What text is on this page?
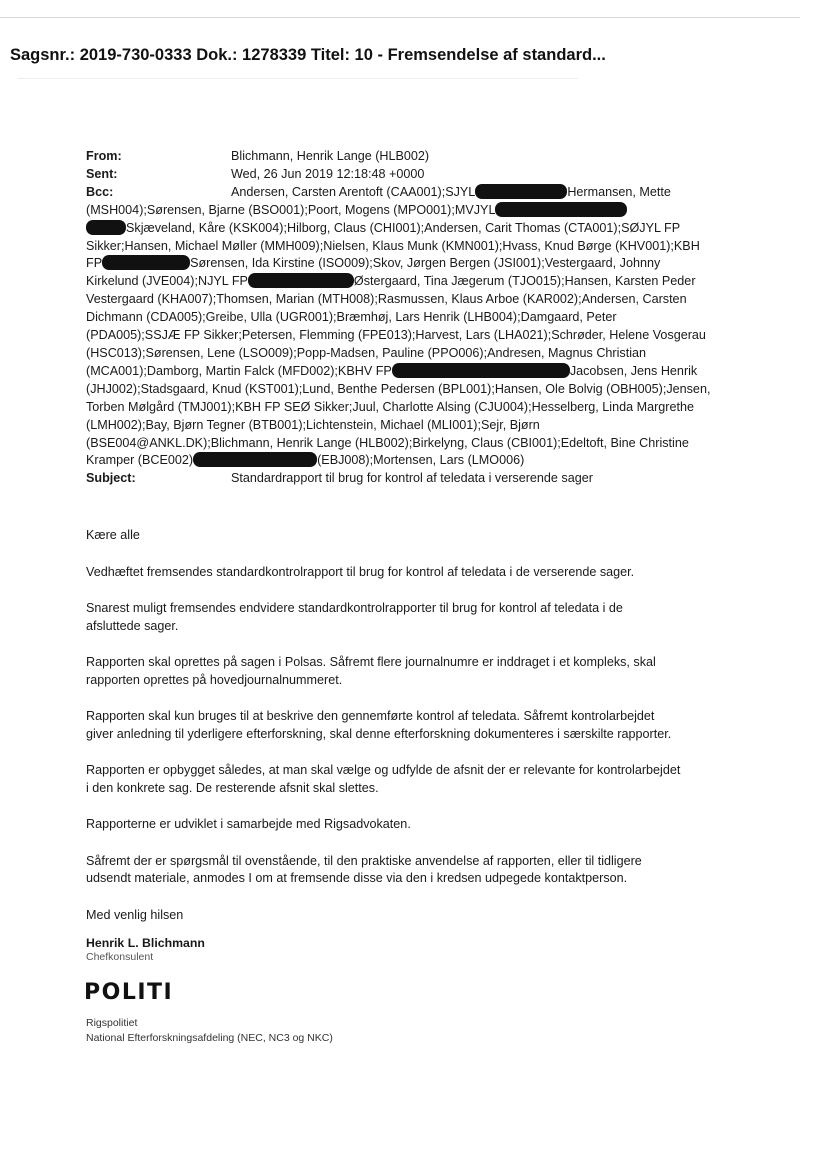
Sagsnr.: 2019-730-0333 Dok.: 1278339 Titel: 10 - Fremsendelse af standard...
From:	Blichmann, Henrik Lange (HLB002)
Sent:	Wed, 26 Jun 2019 12:18:48 +0000
Bcc:	Andersen, Carsten Arentoft (CAA001);SJYL	Hermansen, Mette
(MSH004);Sørensen, Bjarne (BSO001);Poort, Mogens (MPO001);MVJYL
Skjæveland, Kåre (KSK004);Hilborg, Claus (CHI001);Andersen, Carit Thomas (CTA001);SØJYL FP
Sikker;Hansen, Michael Møller (MMH009);Nielsen, Klaus Munk (KMN001);Hvass, Knud Børge (KHV001);KBH
FP	Sørensen, Ida Kirstine (ISO009);Skov, Jørgen Bergen (JSI001);Vestergaard, Johnny
Kirkelund (JVE004);NJYL FP	Østergaard, Tina Jægerum (TJO015);Hansen, Karsten Peder
Vestergaard (KHA007);Thomsen, Marian (MTH008);Rasmussen, Klaus Arboe (KAR002);Andersen, Carsten
Dichmann (CDA005);Greibe, Ulla (UGR001);Bræmhøj, Lars Henrik (LHB004);Damgaard, Peter
(PDA005);SSJÆ FP Sikker;Petersen, Flemming (FPE013);Harvest, Lars (LHA021);Schrøder, Helene Vosgerau
(HSC013);Sørensen, Lene (LSO009);Popp-Madsen, Pauline (PPO006);Andresen, Magnus Christian
(MCA001);Damborg, Martin Falck (MFD002);KBHV FP	Jacobsen, Jens Henrik
(JHJ002);Stadsgaard, Knud (KST001);Lund, Benthe Pedersen (BPL001);Hansen, Ole Bolvig (OBH005);Jensen,
Torben Mølgård (TMJ001);KBH FP SEØ Sikker;Juul, Charlotte Alsing (CJU004);Hesselberg, Linda Margrethe
(LMH002);Bay, Bjørn Tegner (BTB001);Lichtenstein, Michael (MLI001);Sejr, Bjørn
(BSE004@ANKL.DK);Blichmann, Henrik Lange (HLB002);Birkelyng, Claus (CBI001);Edeltoft, Bine Christine
Kramper (BCE002)	(EBJ008);Mortensen, Lars (LMO006)
Subject:	Standardrapport til brug for kontrol af teledata i verserende sager

Kære alle

Vedhæftet fremsendes standardkontrolrapport til brug for kontrol af teledata i de verserende sager.

Snarest muligt fremsendes endvidere standardkontrolrapporter til brug for kontrol af teledata i de
afsluttede sager.

Rapporten skal oprettes på sagen i Polsas. Såfremt flere journalnumre er inddraget i et kompleks, skal
rapporten oprettes på hovedjournalnummeret.

Rapporten skal kun bruges til at beskrive den gennemførte kontrol af teledata. Såfremt kontrolarbejdet
giver anledning til yderligere efterforskning, skal denne efterforskning dokumenteres i særskilte rapporter.

Rapporten er opbygget således, at man skal vælge og udfylde de afsnit der er relevante for kontrolarbejdet
i den konkrete sag. De resterende afsnit skal slettes.

Rapporterne er udviklet i samarbejde med Rigsadvokaten.

Såfremt der er spørgsmål til ovenstående, til den praktiske anvendelse af rapporten, eller til tidligere
udsendt materiale, anmodes I om at fremsende disse via den i kredsen udpegede kontaktperson.

Med venlig hilsen

Henrik L. Blichmann
Chefkonsulent
POLITI
Rigspolitiet
National Efterforskningsafdeling (NEC, NC3 og NKC)
